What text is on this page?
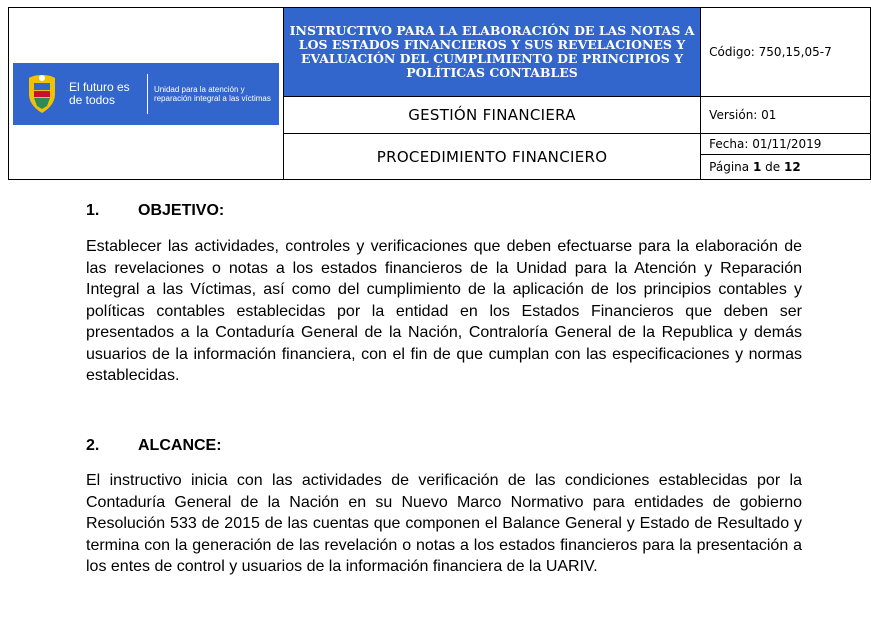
El futuro es de todos
Unidad para la atención y reparación integral a las víctimas	INSTRUCTIVO PARA LA ELABORACIÓN DE LAS NOTAS A LOS ESTADOS FINANCIEROS Y SUS REVELACIONES Y EVALUACIÓN DEL CUMPLIMIENTO DE PRINCIPIOS Y POLÍTICAS CONTABLES	Código: 750,15,05-7
	GESTIÓN FINANCIERA	Versión: 01
	PROCEDIMIENTO FINANCIERO	Fecha: 01/11/2019
		Página 1 de 12
1. OBJETIVO:
Establecer las actividades, controles y verificaciones que deben efectuarse para la elaboración de las revelaciones o notas a los estados financieros de la Unidad para la Atención y Reparación Integral a las Víctimas, así como del cumplimiento de la aplicación de los principios contables y políticas contables establecidas por la entidad en los Estados Financieros que deben ser presentados a la Contaduría General de la Nación, Contraloría General de la Republica y demás usuarios de la información financiera, con el fin de que cumplan con las especificaciones y normas establecidas.
2. ALCANCE:
El instructivo inicia con las actividades de verificación de las condiciones establecidas por la Contaduría General de la Nación en su Nuevo Marco Normativo para entidades de gobierno Resolución 533 de 2015 de las cuentas que componen el Balance General y Estado de Resultado y termina con la generación de las revelación o notas a los estados financieros para la presentación a los entes de control y usuarios de la información financiera de la UARIV.
